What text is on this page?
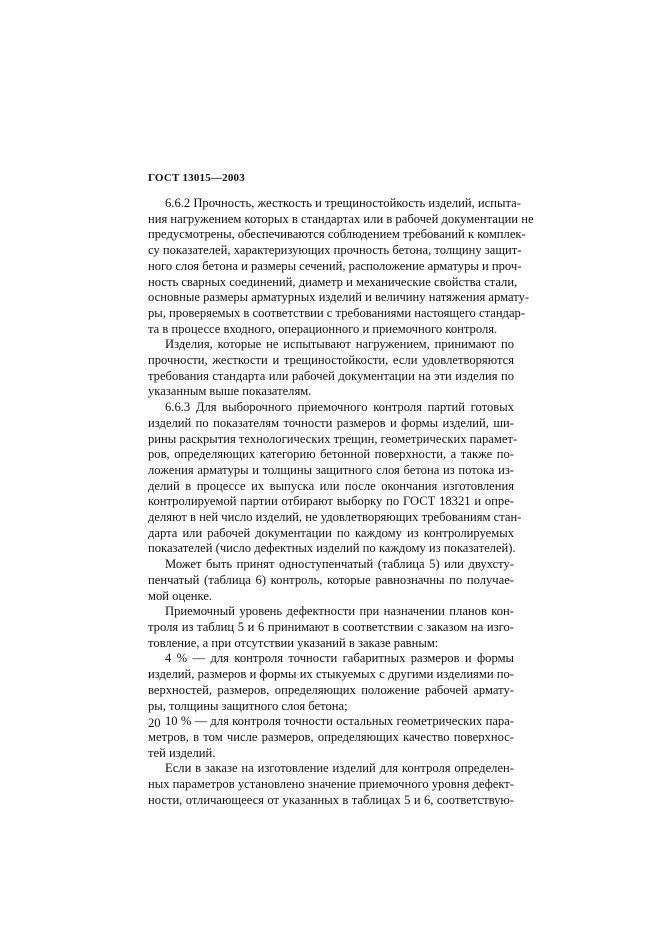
ГОСТ 13015—2003
6.6.2 Прочность, жесткость и трещиностойкость изделий, испыта-
ния нагружением которых в стандартах или в рабочей документации не
предусмотрены, обеспечиваются соблюдением требований к комплек-
су показателей, характеризующих прочность бетона, толщину защит-
ного слоя бетона и размеры сечений, расположение арматуры и проч-
ность сварных соединений, диаметр и механические свойства стали,
основные размеры арматурных изделий и величину натяжения армату-
ры, проверяемых в соответствии с требованиями настоящего стандар-
та в процессе входного, операционного и приемочного контроля.
Изделия, которые не испытывают нагружением, принимают по
прочности, жесткости и трещиностойкости, если удовлетворяются
требования стандарта или рабочей документации на эти изделия по
указанным выше показателям.
6.6.3 Для выборочного приемочного контроля партий готовых
изделий по показателям точности размеров и формы изделий, ши-
рины раскрытия технологических трещин, геометрических парамет-
ров, определяющих категорию бетонной поверхности, а также по-
ложения арматуры и толщины защитного слоя бетона из потока из-
делий в процессе их выпуска или после окончания изготовления
контролируемой партии отбирают выборку по ГОСТ 18321 и опре-
деляют в ней число изделий, не удовлетворяющих требованиям стан-
дарта или рабочей документации по каждому из контролируемых
показателей (число дефектных изделий по каждому из показателей).
Может быть принят одноступенчатый (таблица 5) или двухсту-
пенчатый (таблица 6) контроль, которые равнозначны по получае-
мой оценке.
Приемочный уровень дефектности при назначении планов кон-
троля из таблиц 5 и 6 принимают в соответствии с заказом на изго-
товление, а при отсутствии указаний в заказе равным:
4 % — для контроля точности габаритных размеров и формы
изделий, размеров и формы их стыкуемых с другими изделиями по-
верхностей, размеров, определяющих положение рабочей армату-
ры, толщины защитного слоя бетона;
10 % — для контроля точности остальных геометрических пара-
метров, в том числе размеров, определяющих качество поверхнос-
тей изделий.
Если в заказе на изготовление изделий для контроля определен-
ных параметров установлено значение приемочного уровня дефект-
ности, отличающееся от указанных в таблицах 5 и 6, соответствую-
20
